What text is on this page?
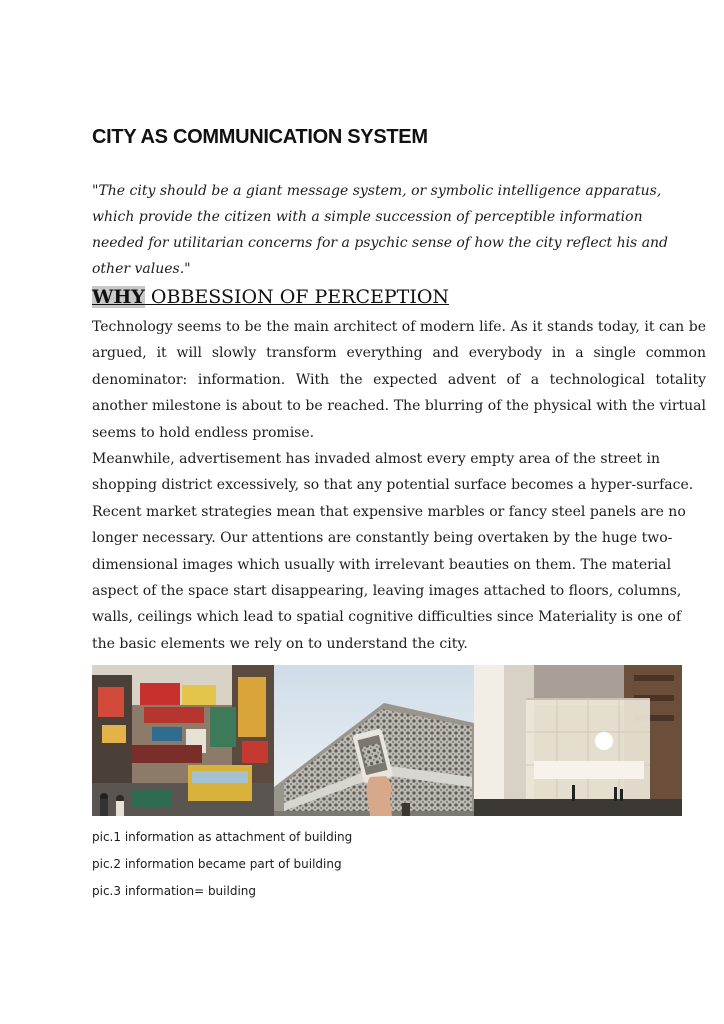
CITY AS COMMUNICATION SYSTEM

"The city should be a giant message system, or symbolic intelligence apparatus, which provide the citizen with a simple succession of perceptible information needed for utilitarian concerns for a psychic sense of how the city reflect his and other values."

WHY OBBESSION OF PERCEPTION

Technology seems to be the main architect of modern life. As it stands today, it can be argued, it will slowly transform everything and everybody in a single common denominator: information. With the expected advent of a technological totality another milestone is about to be reached. The blurring of the physical with the virtual seems to hold endless promise.

Meanwhile, advertisement has invaded almost every empty area of the street in shopping district excessively, so that any potential surface becomes a hyper-surface. Recent market strategies mean that expensive marbles or fancy steel panels are no longer necessary. Our attentions are constantly being overtaken by the huge two-dimensional images which usually with irrelevant beauties on them. The material aspect of the space start disappearing, leaving images attached to floors, columns, walls, ceilings which lead to spatial cognitive difficulties since Materiality is one of the basic elements we rely on to understand the city.

pic.1 information as attachment of building

pic.2 information became part of building

pic.3 information= building
